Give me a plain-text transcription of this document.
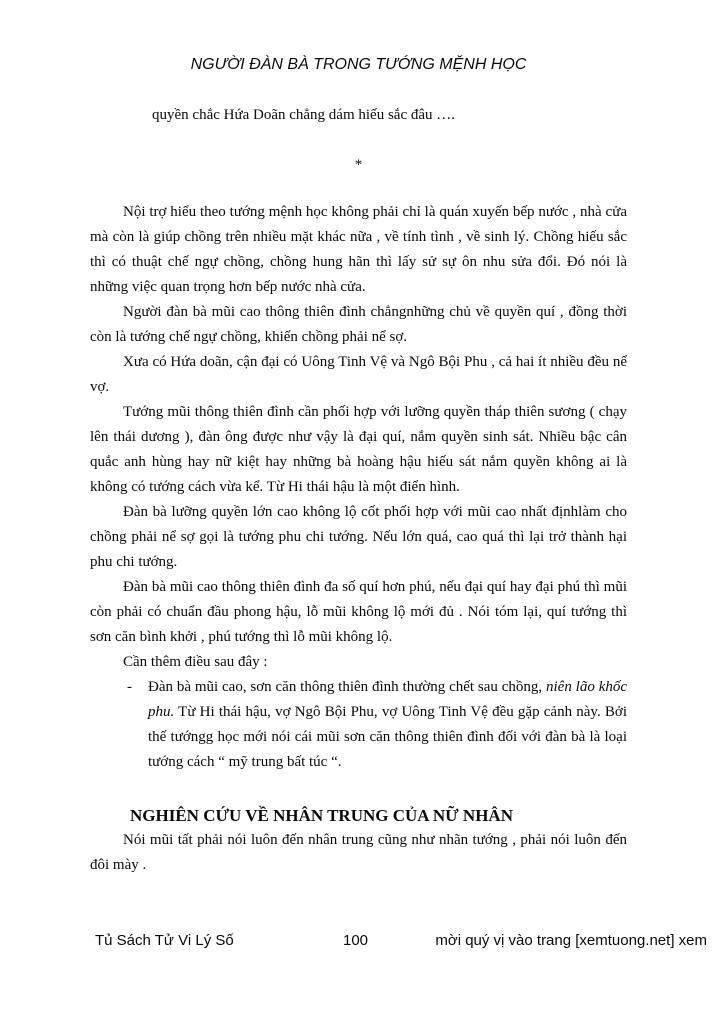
NGƯỜI ĐÀN BÀ TRONG TƯỚNG MỆNH HỌC
quyền chắc Hứa Doãn chẳng dám hiếu sắc đâu ….
*

Nội trợ hiểu theo tướng mệnh học không phải chỉ là quán xuyến bếp nước , nhà cửa mà còn là giúp chồng trên nhiều mặt khác nữa , về tính tình , về sinh lý. Chồng hiếu sắc thì có thuật chế ngự chồng, chồng hung hãn thì lấy sử sự ôn nhu sửa đổi. Đó nói là những việc quan trọng hơn bếp nước nhà cửa.

Người đàn bà mũi cao thông thiên đình chẳngnhững chủ về quyền quí , đồng thời còn là tướng chế ngự chồng, khiến chồng phải nể sợ.

Xưa có Hứa doãn, cận đại có Uông Tinh Vệ và Ngô Bội Phu , cả hai ít nhiều đều nể vợ.

Tướng mũi thông thiên đình cần phối hợp với lưỡng quyền tháp thiên sương ( chạy lên thái dương ), đàn ông được như vậy là đại quí, nắm quyền sinh sát. Nhiều bậc cân quắc anh hùng hay nữ kiệt hay những bà hoàng hậu hiếu sát nắm quyền không ai là không có tướng cách vừa kể. Từ Hi thái hậu là một điển hình.

Đàn bà lưỡng quyền lớn cao không lộ cốt phối hợp với mũi cao nhất địnhlàm cho chồng phải nể sợ gọi là tướng phu chi tướng. Nếu lớn quá, cao quá thì lại trở thành hại phu chi tướng.

Đàn bà mũi cao thông thiên đình đa số quí hơn phú, nếu đại quí hay đại phú thì mũi còn phải có chuẩn đầu phong hậu, lỗ mũi không lộ mới đủ . Nói tóm lại, quí tướng thì sơn căn bình khởi , phú tướng thì lỗ mũi không lộ.

Cần thêm điều sau đây :

- Đàn bà mũi cao, sơn căn thông thiên đình thường chết sau chồng, niên lão khốc phu. Từ Hi thái hậu, vợ Ngô Bội Phu, vợ Uông Tinh Vệ đều gặp cảnh này. Bởi thế tướngg học mới nói cái mũi sơn căn thông thiên đình đối với đàn bà là loại tướng cách “ mỹ trung bất túc “.
NGHIÊN CỨU VỀ NHÂN TRUNG CỦA NỮ NHÂN

Nói mũi tất phải nói luôn đến nhân trung cũng như nhãn tướng , phải nói luôn đến đôi mày .

Tủ Sách Tử Vi Lý Số	100	mời quý vị vào trang [xemtuong.net] xem
